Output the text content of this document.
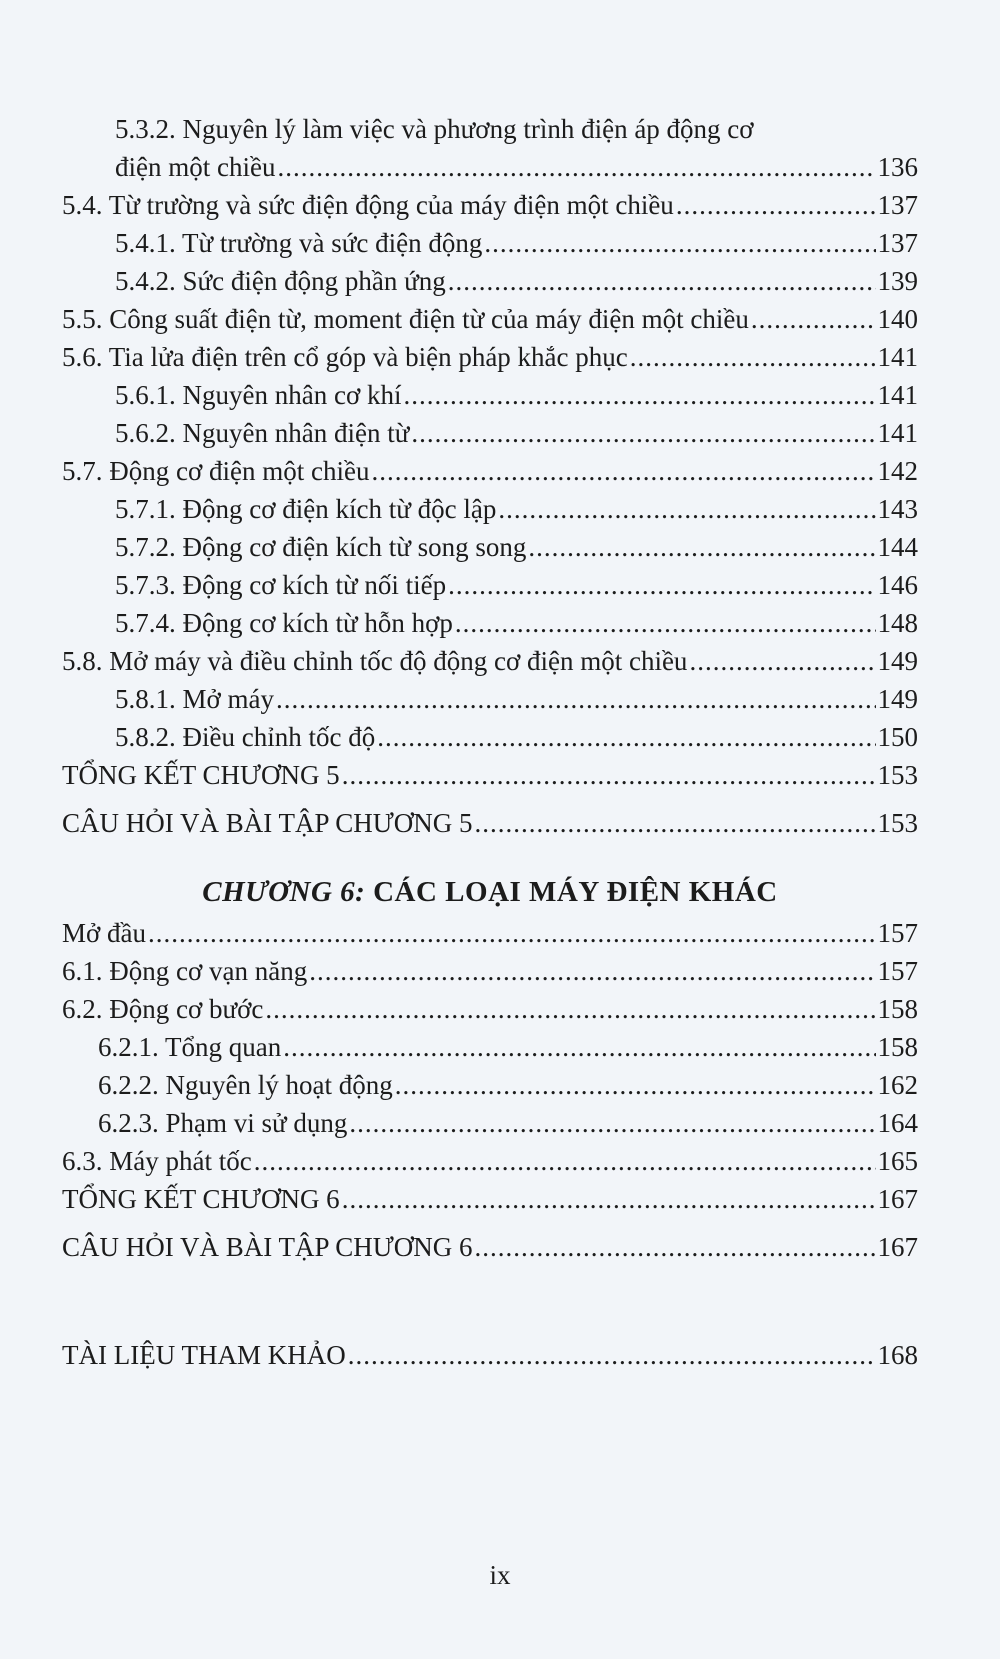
5.3.2. Nguyên lý làm việc và phương trình điện áp động cơ
điện một chiều .....	136
5.4. Từ trường và sức điện động của máy điện một chiều .....	137
5.4.1. Từ trường và sức điện động .....	137
5.4.2. Sức điện động phần ứng .....	139
5.5. Công suất điện từ, moment điện từ của máy điện một chiều .....	140
5.6. Tia lửa điện trên cổ góp và biện pháp khắc phục .....	141
5.6.1. Nguyên nhân cơ khí .....	141
5.6.2. Nguyên nhân điện từ .....	141
5.7. Động cơ điện một chiều .....	142
5.7.1. Động cơ điện kích từ độc lập .....	143
5.7.2. Động cơ điện kích từ song song .....	144
5.7.3. Động cơ kích từ nối tiếp .....	146
5.7.4. Động cơ kích từ hỗn hợp .....	148
5.8. Mở máy và điều chỉnh tốc độ động cơ điện một chiều .....	149
5.8.1. Mở máy .....	149
5.8.2. Điều chỉnh tốc độ .....	150
TỔNG KẾT CHƯƠNG 5 .....	153
CÂU HỎI VÀ BÀI TẬP CHƯƠNG 5 .....	153
CHƯƠNG 6: CÁC LOẠI MÁY ĐIỆN KHÁC
Mở đầu .....	157
6.1. Động cơ vạn năng .....	157
6.2. Động cơ bước .....	158
6.2.1. Tổng quan .....	158
6.2.2. Nguyên lý hoạt động .....	162
6.2.3. Phạm vi sử dụng .....	164
6.3. Máy phát tốc .....	165
TỔNG KẾT CHƯƠNG 6 .....	167
CÂU HỎI VÀ BÀI TẬP CHƯƠNG 6 .....	167
TÀI LIỆU THAM KHẢO .....	168
ix
